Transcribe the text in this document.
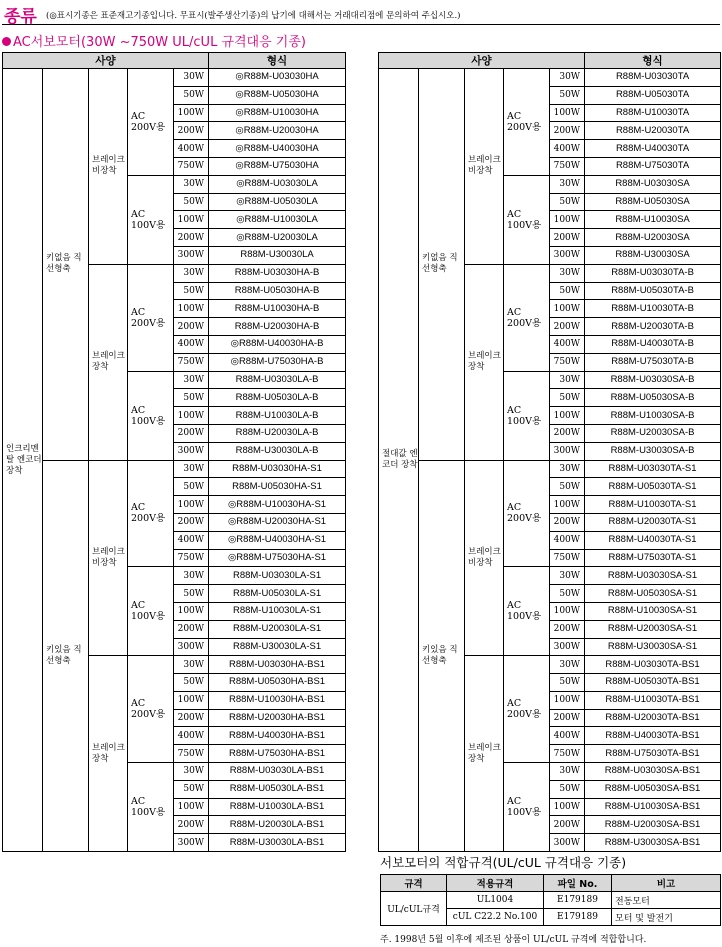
종류 (◎표시기종은 표준재고기종입니다. 무표시(발주생산기종)의 납기에 대해서는 거래대리점에 문의하여 주십시오.)
AC서보모터(30W ~750W UL/cUL 규격대응 기종)
사양					형식
인크리멘탈 엔코더 장착	키없음 직선형축	브레이크 비장착	AC 200V용	30W	◎R88M-U03030HA
				50W	◎R88M-U05030HA
				100W	◎R88M-U10030HA
				200W	◎R88M-U20030HA
				400W	◎R88M-U40030HA
				750W	◎R88M-U75030HA
			AC 100V용	30W	◎R88M-U03030LA
				50W	◎R88M-U05030LA
				100W	◎R88M-U10030LA
				200W	◎R88M-U20030LA
				300W	R88M-U30030LA
		브레이크 장착	AC 200V용	30W	R88M-U03030HA-B
				50W	R88M-U05030HA-B
				100W	R88M-U10030HA-B
				200W	R88M-U20030HA-B
				400W	◎R88M-U40030HA-B
				750W	◎R88M-U75030HA-B
			AC 100V용	30W	R88M-U03030LA-B
				50W	R88M-U05030LA-B
				100W	R88M-U10030LA-B
				200W	R88M-U20030LA-B
				300W	R88M-U30030LA-B
	키있음 직선형축	브레이크 비장착	AC 200V용	30W	R88M-U03030HA-S1
				50W	R88M-U05030HA-S1
				100W	◎R88M-U10030HA-S1
				200W	◎R88M-U20030HA-S1
				400W	◎R88M-U40030HA-S1
				750W	◎R88M-U75030HA-S1
			AC 100V용	30W	R88M-U03030LA-S1
				50W	R88M-U05030LA-S1
				100W	R88M-U10030LA-S1
				200W	R88M-U20030LA-S1
				300W	R88M-U30030LA-S1
		브레이크 장착	AC 200V용	30W	R88M-U03030HA-BS1
				50W	R88M-U05030HA-BS1
				100W	R88M-U10030HA-BS1
				200W	R88M-U20030HA-BS1
				400W	R88M-U40030HA-BS1
				750W	R88M-U75030HA-BS1
			AC 100V용	30W	R88M-U03030LA-BS1
				50W	R88M-U05030LA-BS1
				100W	R88M-U10030LA-BS1
				200W	R88M-U20030LA-BS1
				300W	R88M-U30030LA-BS1
사양					형식
절대값 엔코더 장착	키없음 직선형축	브레이크 비장착	AC 200V용	30W	R88M-U03030TA
				50W	R88M-U05030TA
				100W	R88M-U10030TA
				200W	R88M-U20030TA
				400W	R88M-U40030TA
				750W	R88M-U75030TA
			AC 100V용	30W	R88M-U03030SA
				50W	R88M-U05030SA
				100W	R88M-U10030SA
				200W	R88M-U20030SA
				300W	R88M-U30030SA
		브레이크 장착	AC 200V용	30W	R88M-U03030TA-B
				50W	R88M-U05030TA-B
				100W	R88M-U10030TA-B
				200W	R88M-U20030TA-B
				400W	R88M-U40030TA-B
				750W	R88M-U75030TA-B
			AC 100V용	30W	R88M-U03030SA-B
				50W	R88M-U05030SA-B
				100W	R88M-U10030SA-B
				200W	R88M-U20030SA-B
				300W	R88M-U30030SA-B
	키있음 직선형축	브레이크 비장착	AC 200V용	30W	R88M-U03030TA-S1
				50W	R88M-U05030TA-S1
				100W	R88M-U10030TA-S1
				200W	R88M-U20030TA-S1
				400W	R88M-U40030TA-S1
				750W	R88M-U75030TA-S1
			AC 100V용	30W	R88M-U03030SA-S1
				50W	R88M-U05030SA-S1
				100W	R88M-U10030SA-S1
				200W	R88M-U20030SA-S1
				300W	R88M-U30030SA-S1
		브레이크 장착	AC 200V용	30W	R88M-U03030TA-BS1
				50W	R88M-U05030TA-BS1
				100W	R88M-U10030TA-BS1
				200W	R88M-U20030TA-BS1
				400W	R88M-U40030TA-BS1
				750W	R88M-U75030TA-BS1
			AC 100V용	30W	R88M-U03030SA-BS1
				50W	R88M-U05030SA-BS1
				100W	R88M-U10030SA-BS1
				200W	R88M-U20030SA-BS1
				300W	R88M-U30030SA-BS1
서보모터의 적합규격(UL/cUL 규격대응 기종)
규격	적용규격	파일 No.	비고
UL/cUL규격	UL1004	E179189	전동모터
	cUL C22.2 No.100	E179189	모터 및 발전기
주. 1998년 5월 이후에 제조된 상품이 UL/cUL 규격에 적합합니다.
